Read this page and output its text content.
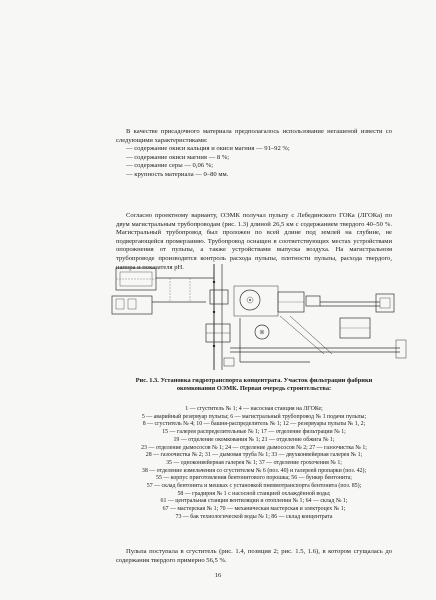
В качестве присадочного материала предполагалось использование негашеной извести со следующими характеристиками:

— содержание окиси кальция и окиси магния — 91–92 %;

— содержание окиси магния — 8 %;

— содержание серы — 0,06 %;

— крупность материала — 0–80 мм.

Согласно проектному варианту, ОЭМК получал пульпу с Лебединского ГОКа (ЛГОКа) по двум магистральным трубопроводам (рис. 1.3) длиной 26,5 км с содержанием твердого 40–50 %. Магистральный трубопровод был проложен по всей длине под землей на глубине, не подвергающейся промерзанию. Трубопровод оснащен в соответствующих местах устройствами опорожнения от пульпы, а также устройствами выпуска воздуха. На магистральном трубопроводе производится контроль расхода пульпы, плотности пульпы, расхода твердого, напора и показателя рН.

Рис. 1.3. Установка гидротранспорта концентрата. Участок фильтрации фабрики окомкования ОЭМК. Первая очередь строительства:

1 — сгуститель № 1; 4 — насосная станция на ЛГОКе;

5 — аварийный резервуар пульпы; 6 — магистральный трубопровод № 1 подачи пульпы;

8 — сгуститель № 4; 10 — башня-распределитель № 1; 12 — резервуары пульпы № 1, 2;

15 — галерея распределительные № 1; 17 — отделение фильтрации № 1;

19 — отделение окомкования № 1; 21 — отделение обжига № 1;

23 — отделение дымососов № 1; 24 — отделение дымососов № 2; 27 — газоочистка № 1;

28 — газоочистка № 2; 31 — дымовая труба № 1; 33 — двухконвейерная галерея № 1;

35 — одноконвейерная галерея № 1; 37 — отделение грохочения № 1;

38 — отделение измельчения со сгустителем № 6 (поз. 40) и галереей пропарки (поз. 42);

55 — корпус приготовления бентонитового порошка; 56 — бункер бентонита;

57 — склад бентонита и мешках с установкой пневмотранспорта бентонита (поз. 85);

58 — градирня № 1 с насосной станцией охлаждённой воды;

61 — центральная станция вентиляции и отопления № 1; 64 — склад № 1;

67 — мастерская № 1; 70 — механическая мастерская и электроцех № 1;

73 — бак технологической воды № 1; 86 — склад концентрата

Пульпа поступала в сгуститель (рис. 1.4, позиция 2; рис. 1.5, 1.6), в котором сгущалась до содержания твердого примерно 56,5 %.

16
